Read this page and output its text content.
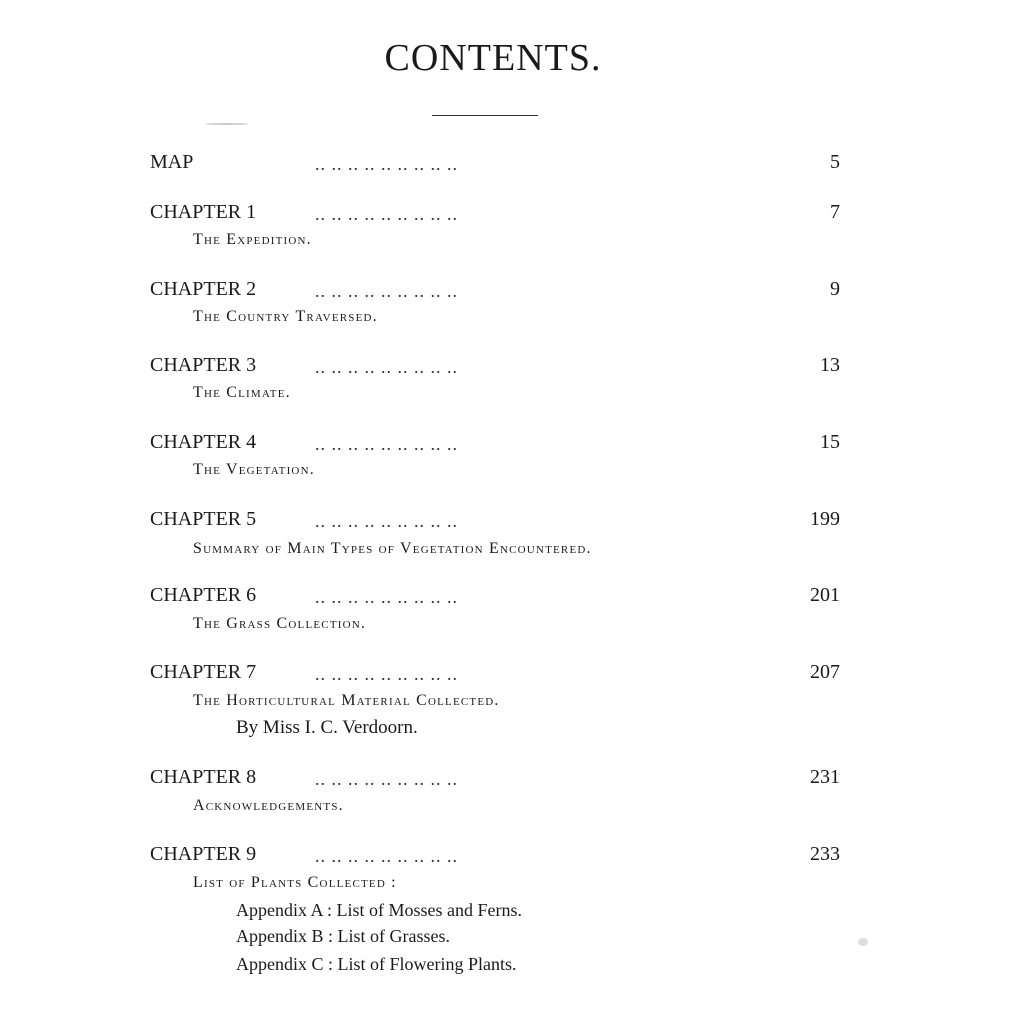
CONTENTS.
MAP	.. .. .. .. .. .. .. .. ..	5
CHAPTER 1	.. .. .. .. .. .. .. .. ..	7
The Expedition.
CHAPTER 2	.. .. .. .. .. .. .. .. ..	9
The Country Traversed.
CHAPTER 3	.. .. .. .. .. .. .. .. ..	13
The Climate.
CHAPTER 4	.. .. .. .. .. .. .. .. ..	15
The Vegetation.
CHAPTER 5	.. .. .. .. .. .. .. .. ..	199
Summary of Main Types of Vegetation Encountered.
CHAPTER 6	.. .. .. .. .. .. .. .. ..	201
The Grass Collection.
CHAPTER 7	.. .. .. .. .. .. .. .. ..	207
The Horticultural Material Collected.
By Miss I. C. Verdoorn.
CHAPTER 8	.. .. .. .. .. .. .. .. ..	231
Acknowledgements.
CHAPTER 9	.. .. .. .. .. .. .. .. ..	233
List of Plants Collected :
Appendix A : List of Mosses and Ferns.
Appendix B : List of Grasses.
Appendix C : List of Flowering Plants.
